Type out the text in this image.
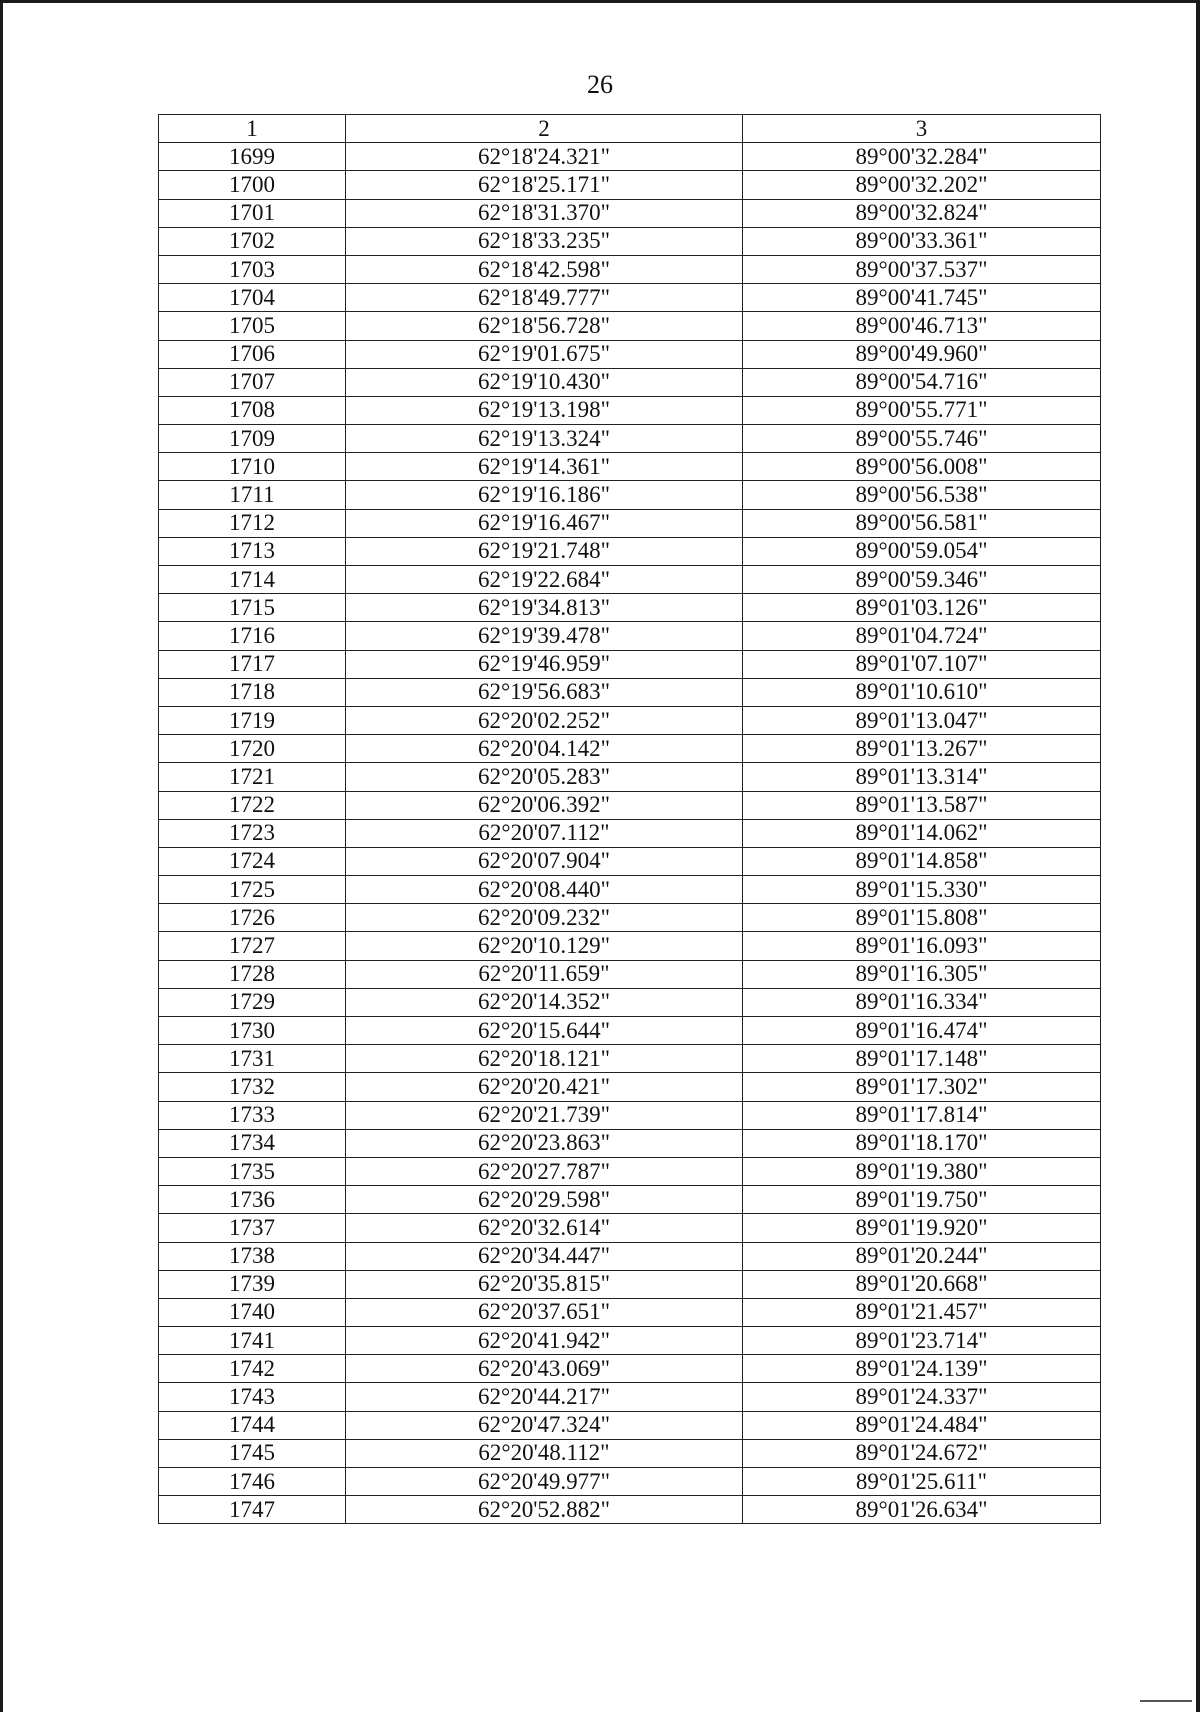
26
1	2	3
1699	62°18'24.321"	89°00'32.284"
1700	62°18'25.171"	89°00'32.202"
1701	62°18'31.370"	89°00'32.824"
1702	62°18'33.235"	89°00'33.361"
1703	62°18'42.598"	89°00'37.537"
1704	62°18'49.777"	89°00'41.745"
1705	62°18'56.728"	89°00'46.713"
1706	62°19'01.675"	89°00'49.960"
1707	62°19'10.430"	89°00'54.716"
1708	62°19'13.198"	89°00'55.771"
1709	62°19'13.324"	89°00'55.746"
1710	62°19'14.361"	89°00'56.008"
1711	62°19'16.186"	89°00'56.538"
1712	62°19'16.467"	89°00'56.581"
1713	62°19'21.748"	89°00'59.054"
1714	62°19'22.684"	89°00'59.346"
1715	62°19'34.813"	89°01'03.126"
1716	62°19'39.478"	89°01'04.724"
1717	62°19'46.959"	89°01'07.107"
1718	62°19'56.683"	89°01'10.610"
1719	62°20'02.252"	89°01'13.047"
1720	62°20'04.142"	89°01'13.267"
1721	62°20'05.283"	89°01'13.314"
1722	62°20'06.392"	89°01'13.587"
1723	62°20'07.112"	89°01'14.062"
1724	62°20'07.904"	89°01'14.858"
1725	62°20'08.440"	89°01'15.330"
1726	62°20'09.232"	89°01'15.808"
1727	62°20'10.129"	89°01'16.093"
1728	62°20'11.659"	89°01'16.305"
1729	62°20'14.352"	89°01'16.334"
1730	62°20'15.644"	89°01'16.474"
1731	62°20'18.121"	89°01'17.148"
1732	62°20'20.421"	89°01'17.302"
1733	62°20'21.739"	89°01'17.814"
1734	62°20'23.863"	89°01'18.170"
1735	62°20'27.787"	89°01'19.380"
1736	62°20'29.598"	89°01'19.750"
1737	62°20'32.614"	89°01'19.920"
1738	62°20'34.447"	89°01'20.244"
1739	62°20'35.815"	89°01'20.668"
1740	62°20'37.651"	89°01'21.457"
1741	62°20'41.942"	89°01'23.714"
1742	62°20'43.069"	89°01'24.139"
1743	62°20'44.217"	89°01'24.337"
1744	62°20'47.324"	89°01'24.484"
1745	62°20'48.112"	89°01'24.672"
1746	62°20'49.977"	89°01'25.611"
1747	62°20'52.882"	89°01'26.634"
